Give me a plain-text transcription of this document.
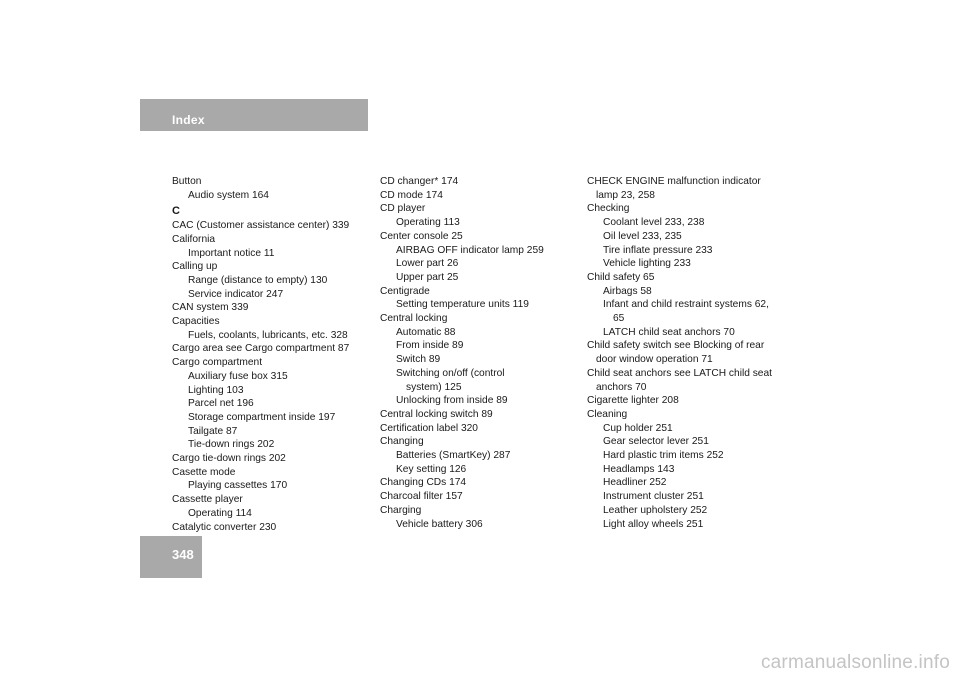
Index
Button
Audio system 164
C
CAC (Customer assistance center) 339
California
Important notice 11
Calling up
Range (distance to empty) 130
Service indicator 247
CAN system 339
Capacities
Fuels, coolants, lubricants, etc. 328
Cargo area see Cargo compartment 87
Cargo compartment
Auxiliary fuse box 315
Lighting 103
Parcel net 196
Storage compartment inside 197
Tailgate 87
Tie-down rings 202
Cargo tie-down rings 202
Casette mode
Playing cassettes 170
Cassette player
Operating 114
Catalytic converter 230
CD changer* 174
CD mode 174
CD player
Operating 113
Center console 25
AIRBAG OFF indicator lamp 259
Lower part 26
Upper part 25
Centigrade
Setting temperature units 119
Central locking
Automatic 88
From inside 89
Switch 89
Switching on/off (control
system) 125
Unlocking from inside 89
Central locking switch 89
Certification label 320
Changing
Batteries (SmartKey) 287
Key setting 126
Changing CDs 174
Charcoal filter 157
Charging
Vehicle battery 306
CHECK ENGINE malfunction indicator
lamp 23, 258
Checking
Coolant level 233, 238
Oil level 233, 235
Tire inflate pressure 233
Vehicle lighting 233
Child safety 65
Airbags 58
Infant and child restraint systems 62,
65
LATCH child seat anchors 70
Child safety switch see Blocking of rear
door window operation 71
Child seat anchors see LATCH child seat
anchors 70
Cigarette lighter 208
Cleaning
Cup holder 251
Gear selector lever 251
Hard plastic trim items 252
Headlamps 143
Headliner 252
Instrument cluster 251
Leather upholstery 252
Light alloy wheels 251
348
carmanualsonline.info
